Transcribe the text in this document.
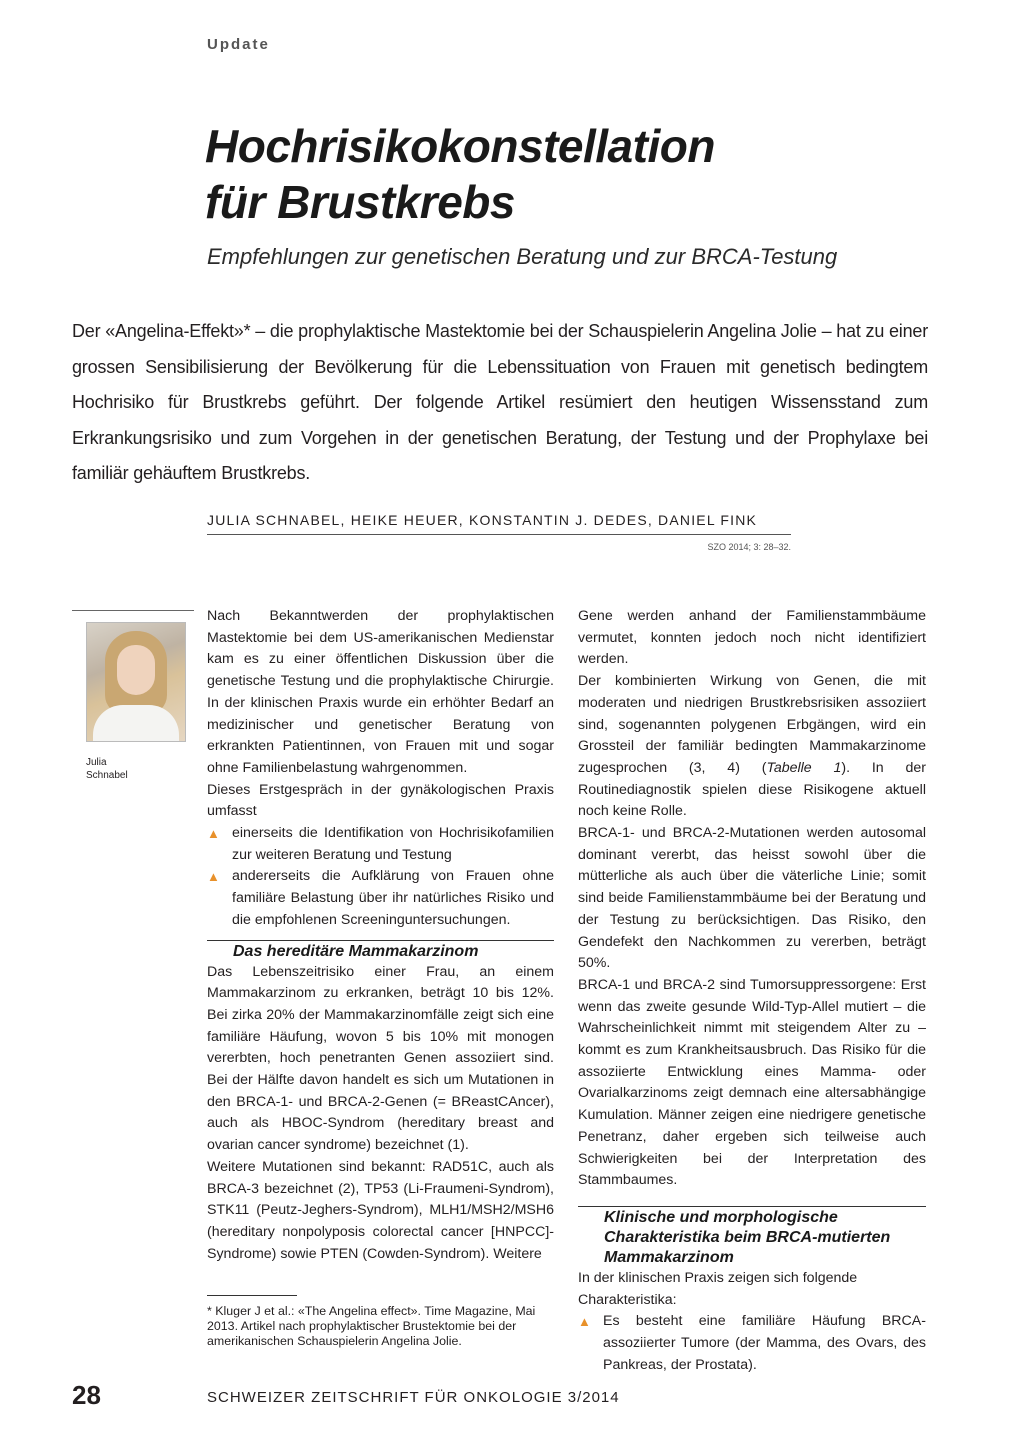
Update
Hochrisikokonstellation
für Brustkrebs
Empfehlungen zur genetischen Beratung und zur BRCA-Testung
Der «Angelina-Effekt»* – die prophylaktische Mastektomie bei der Schauspielerin Angelina Jolie – hat zu einer grossen Sensibilisierung der Bevölkerung für die Lebenssituation von Frauen mit genetisch bedingtem Hochrisiko für Brustkrebs geführt. Der folgende Artikel resümiert den heutigen Wissensstand zum Erkrankungsrisiko und zum Vorgehen in der genetischen Beratung, der Testung und der Prophylaxe bei familiär gehäuftem Brustkrebs.
JULIA SCHNABEL, HEIKE HEUER, KONSTANTIN J. DEDES, DANIEL FINK
SZO 2014; 3: 28–32.
Julia
Schnabel

Nach Bekanntwerden der prophylaktischen Mastektomie bei dem US-amerikanischen Medienstar kam es zu einer öffentlichen Diskussion über die genetische Testung und die prophylaktische Chirurgie. In der klinischen Praxis wurde ein erhöhter Bedarf an medizinischer und genetischer Beratung von erkrankten Patientinnen, von Frauen mit und sogar ohne Familienbelastung wahrgenommen.

Dieses Erstgespräch in der gynäkologischen Praxis umfasst

▲ einerseits die Identifikation von Hochrisikofamilien zur weiteren Beratung und Testung
▲ andererseits die Aufklärung von Frauen ohne familiäre Belastung über ihr natürliches Risiko und die empfohlenen Screeninguntersuchungen.
Das hereditäre Mammakarzinom

Das Lebenszeitrisiko einer Frau, an einem Mammakarzinom zu erkranken, beträgt 10 bis 12%. Bei zirka 20% der Mammakarzinomfälle zeigt sich eine familiäre Häufung, wovon 5 bis 10% mit monogen vererbten, hoch penetranten Genen assoziiert sind. Bei der Hälfte davon handelt es sich um Mutationen in den BRCA-1- und BRCA-2-Genen (= BReastCAncer), auch als HBOC-Syndrom (hereditary breast and ovarian cancer syndrome) bezeichnet (1).

Weitere Mutationen sind bekannt: RAD51C, auch als BRCA-3 bezeichnet (2), TP53 (Li-Fraumeni-Syndrom), STK11 (Peutz-Jeghers-Syndrom), MLH1/MSH2/MSH6 (hereditary nonpolyposis colorectal cancer [HNPCC]-Syndrome) sowie PTEN (Cowden-Syndrom). Weitere

* Kluger J et al.: «The Angelina effect». Time Magazine, Mai 2013. Artikel nach prophylaktischer Brustektomie bei der amerikanischen Schauspielerin Angelina Jolie.

Gene werden anhand der Familienstammbäume vermutet, konnten jedoch noch nicht identifiziert werden.

Der kombinierten Wirkung von Genen, die mit moderaten und niedrigen Brustkrebsrisiken assoziiert sind, sogenannten polygenen Erbgängen, wird ein Grossteil der familiär bedingten Mammakarzinome zugesprochen (3, 4) (Tabelle 1). In der Routinediagnostik spielen diese Risikogene aktuell noch keine Rolle.

BRCA-1- und BRCA-2-Mutationen werden autosomal dominant vererbt, das heisst sowohl über die mütterliche als auch über die väterliche Linie; somit sind beide Familienstammbäume bei der Beratung und der Testung zu berücksichtigen. Das Risiko, den Gendefekt den Nachkommen zu vererben, beträgt 50%.

BRCA-1 und BRCA-2 sind Tumorsuppressorgene: Erst wenn das zweite gesunde Wild-Typ-Allel mutiert – die Wahrscheinlichkeit nimmt mit steigendem Alter zu – kommt es zum Krankheitsausbruch. Das Risiko für die assoziierte Entwicklung eines Mamma- oder Ovarialkarzinoms zeigt demnach eine altersabhängige Kumulation. Männer zeigen eine niedrigere genetische Penetranz, daher ergeben sich teilweise auch Schwierigkeiten bei der Interpretation des Stammbaumes.

Klinische und morphologische Charakteristika beim BRCA-mutierten Mammakarzinom

In der klinischen Praxis zeigen sich folgende Charakteristika:

▲ Es besteht eine familiäre Häufung BRCA-assoziierter Tumore (der Mamma, des Ovars, des Pankreas, der Prostata).
28	SCHWEIZER ZEITSCHRIFT FÜR ONKOLOGIE 3/2014
